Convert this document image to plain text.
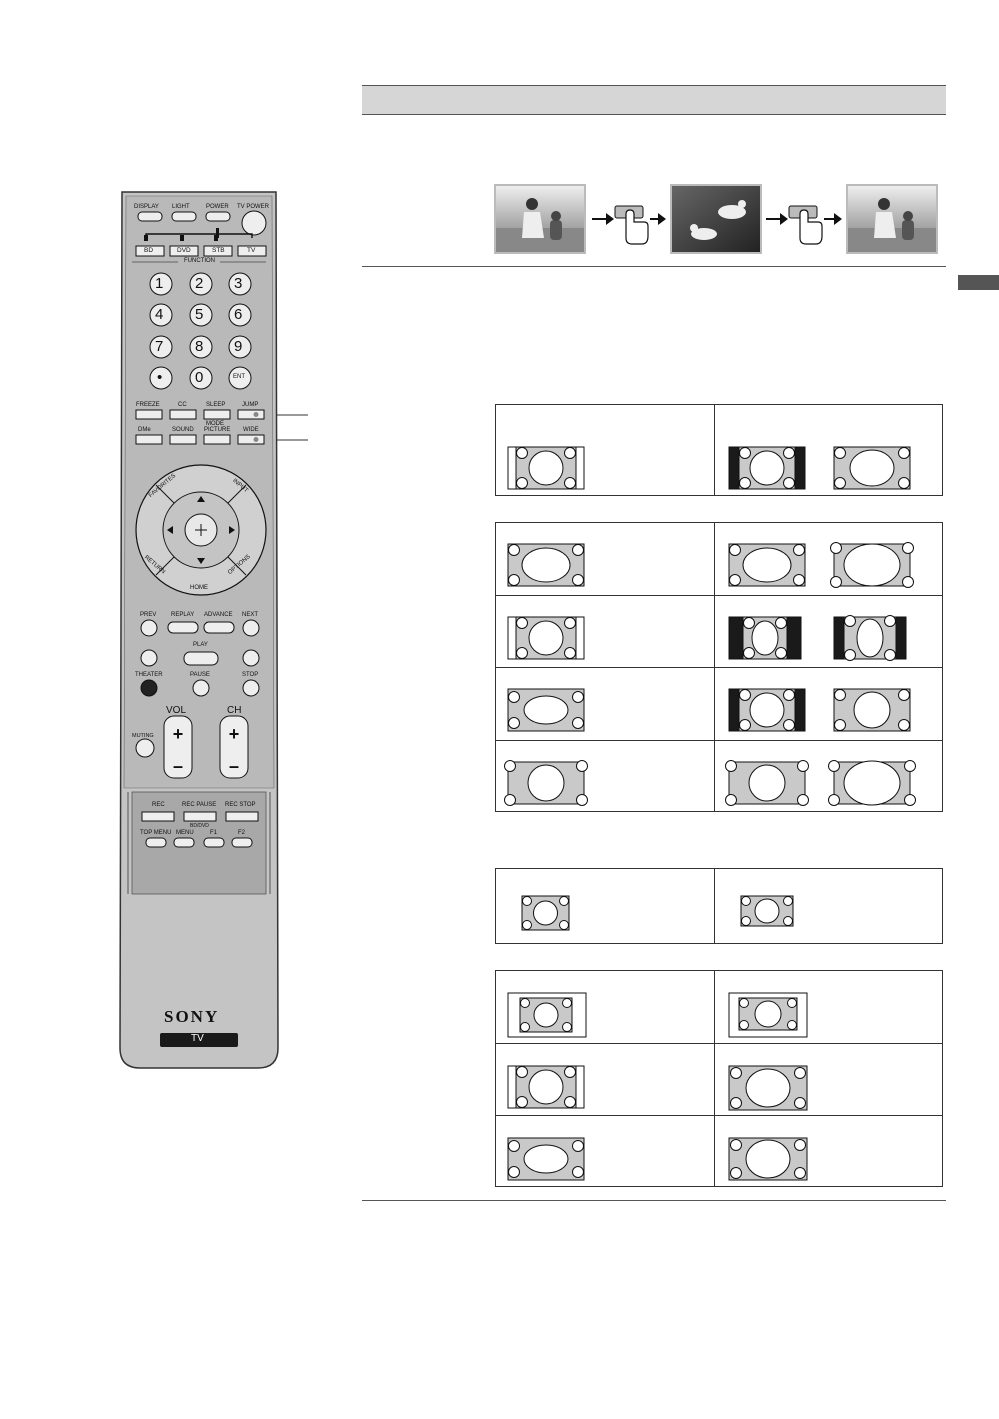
+
–
+
–
DISPLAY LIGHT	POWER TV POWER
BD	DVD	STB	TV
FUNCTION
1 2 3
4 5 6
7 8 9
• 0	ENT
FREEZE	CC	SLEEP	JUMP
MODE
DMe	SOUND PICTURE WIDE
FAVORITES	INPUT
RETURN	OPTIONS
HOME
PREV REPLAY ADVANCE NEXT
PLAY
THEATER	PAUSE	STOP
VOL	CH
MUTING
REC	REC PAUSE REC STOP
BD/DVD
TOP MENU MENU	F1	F2
SONY
TV
